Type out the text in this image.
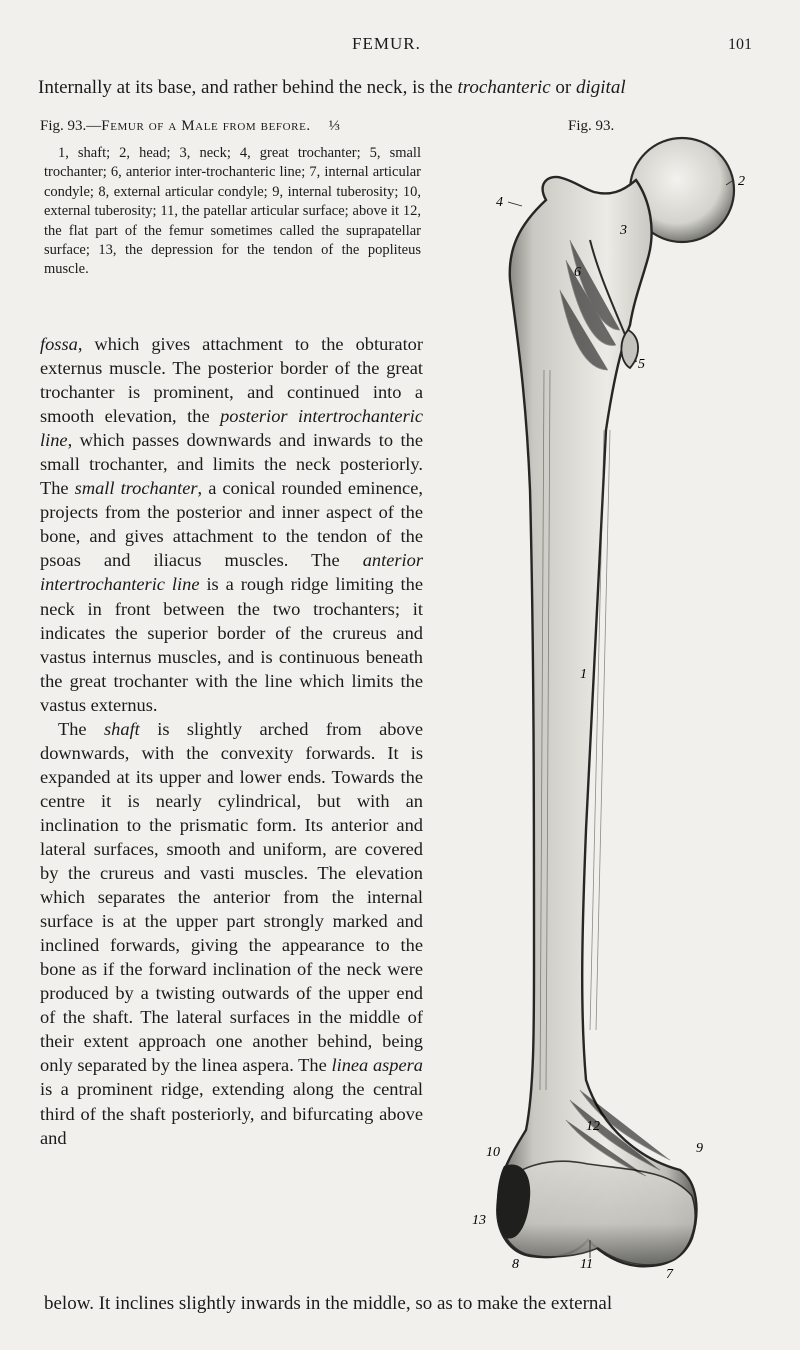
FEMUR.	101
Internally at its base, and rather behind the neck, is the trochanteric or digital
Fig. 93.—Femur of a Male from before. ⅓
1, shaft; 2, head; 3, neck; 4, great trochanter; 5, small trochanter; 6, anterior inter-trochanteric line; 7, internal articular condyle; 8, external articular condyle; 9, internal tuberosity; 10, external tuberosity; 11, the patellar articular surface; above it 12, the flat part of the femur sometimes called the suprapatellar surface; 13, the depression for the tendon of the popliteus muscle.

fossa, which gives attachment to the obturator externus muscle. The posterior border of the great trochanter is prominent, and continued into a smooth elevation, the posterior intertrochanteric line, which passes downwards and inwards to the small trochanter, and limits the neck posteriorly. The small trochanter, a conical rounded eminence, projects from the posterior and inner aspect of the bone, and gives attachment to the tendon of the psoas and iliacus muscles. The anterior intertrochanteric line is a rough ridge limiting the neck in front between the two trochanters; it indicates the superior border of the crureus and vastus internus muscles, and is continuous beneath the great trochanter with the line which limits the vastus externus.

The shaft is slightly arched from above downwards, with the convexity forwards. It is expanded at its upper and lower ends. Towards the centre it is nearly cylindrical, but with an inclination to the prismatic form. Its anterior and lateral surfaces, smooth and uniform, are covered by the crureus and vasti muscles. The elevation which separates the anterior from the internal surface is at the upper part strongly marked and inclined forwards, giving the appearance to the bone as if the forward inclination of the neck were produced by a twisting outwards of the upper end of the shaft. The lateral surfaces in the middle of their extent approach one another behind, being only separated by the linea aspera. The linea aspera is a prominent ridge, extending along the central third of the shaft posteriorly, and bifurcating above and

Fig. 93.
2
4
3
6
5
1
12
10	9
13
8	11
7
below. It inclines slightly inwards in the middle, so as to make the external
